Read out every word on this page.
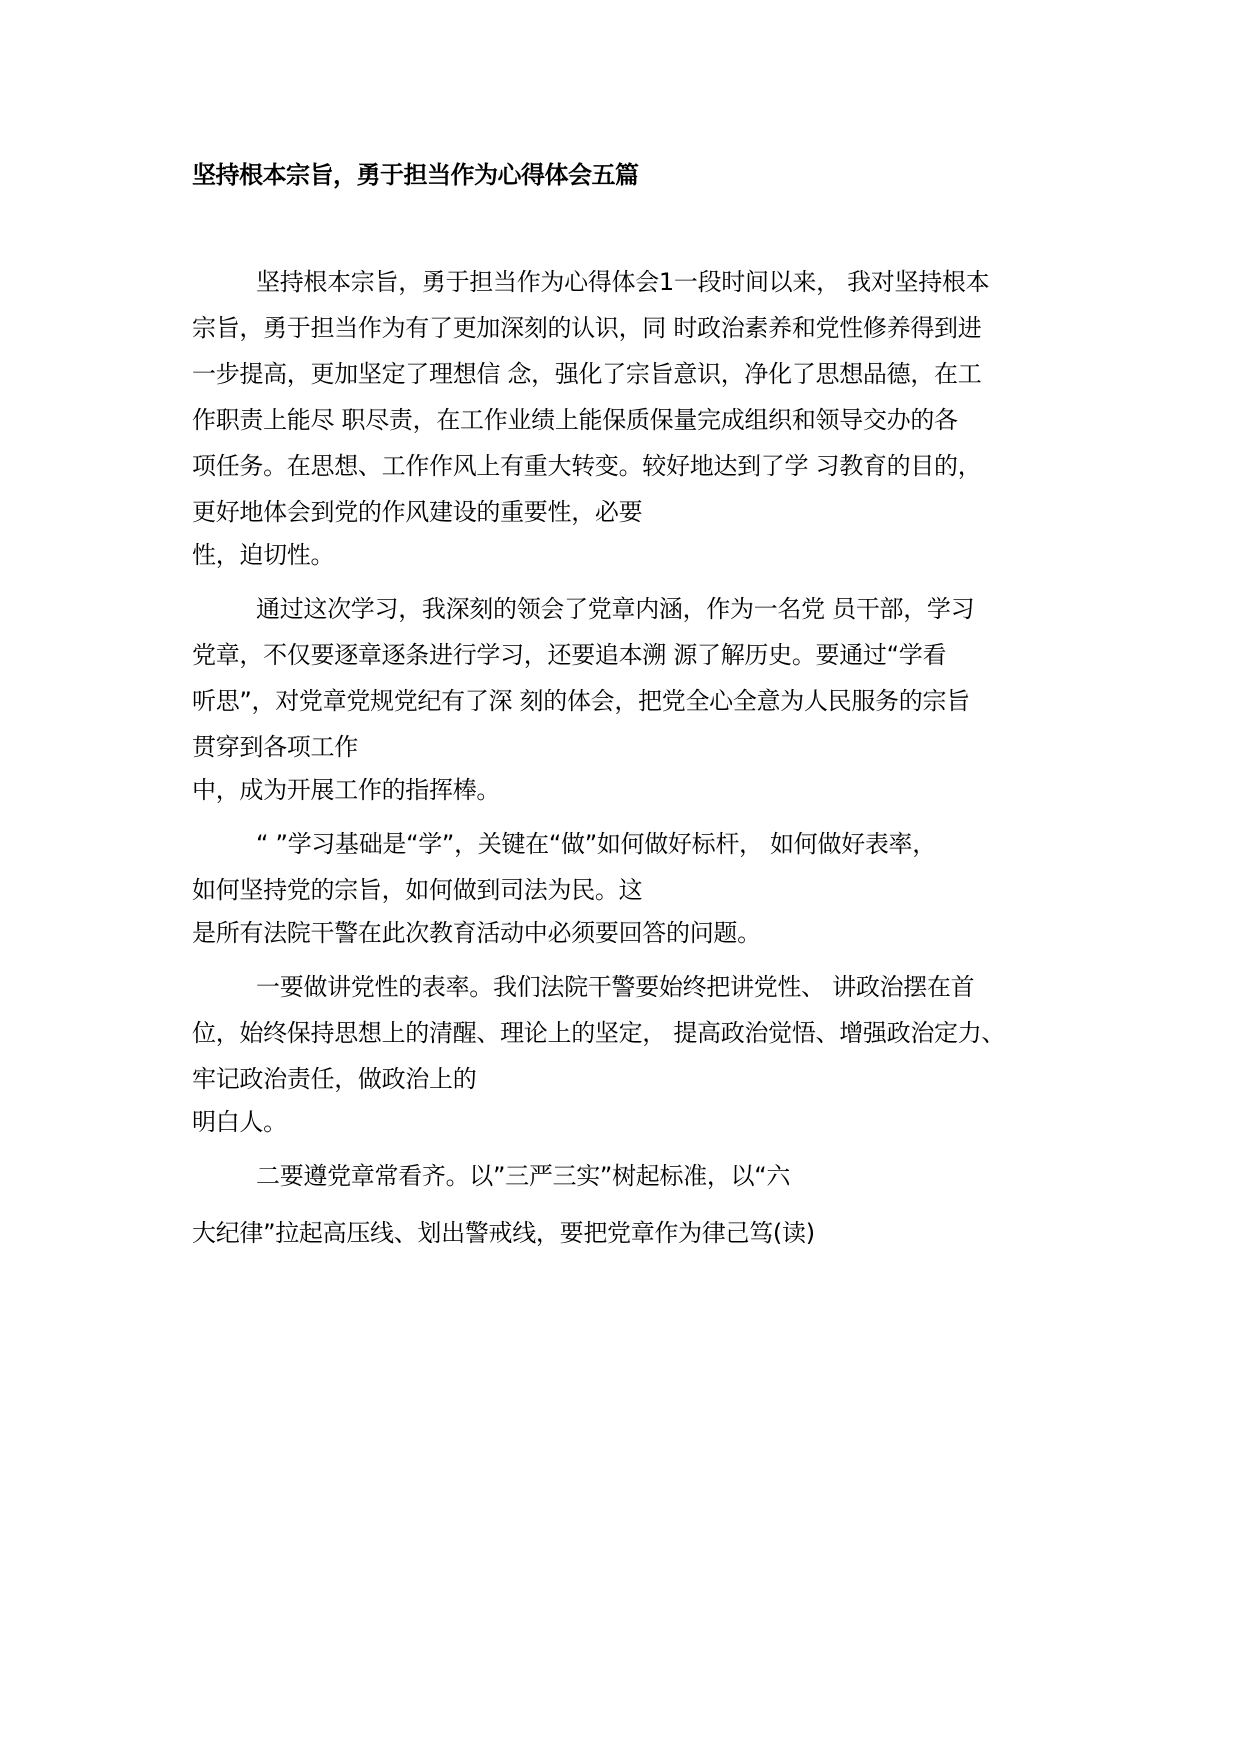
坚持根本宗旨，勇于担当作为心得体会五篇
坚持根本宗旨，勇于担当作为心得体会1一段时间以来， 我对坚持根本
宗旨，勇于担当作为有了更加深刻的认识，同 时政治素养和党性修养得到进
一步提高，更加坚定了理想信 念，强化了宗旨意识，净化了思想品德，在工
作职责上能尽 职尽责，在工作业绩上能保质保量完成组织和领导交办的各
项任务。在思想、工作作风上有重大转变。较好地达到了学 习教育的目的，
更好地体会到党的作风建设的重要性，必要
性，迫切性。
通过这次学习，我深刻的领会了党章内涵，作为一名党 员干部，学习
党章，不仅要逐章逐条进行学习，还要追本溯 源了解历史。要通过“学看
听思”，对党章党规党纪有了深 刻的体会，把党全心全意为人民服务的宗旨
贯穿到各项工作
中，成为开展工作的指挥棒。
“ ”学习基础是“学”，关键在“做”如何做好标杆， 如何做好表率，
如何坚持党的宗旨，如何做到司法为民。这
是所有法院干警在此次教育活动中必须要回答的问题。
一要做讲党性的表率。我们法院干警要始终把讲党性、 讲政治摆在首
位，始终保持思想上的清醒、理论上的坚定， 提高政治觉悟、增强政治定力、
牢记政治责任，做政治上的
明白人。
二要遵党章常看齐。以”三严三实”树起标准，以“六
大纪律”拉起高压线、划出警戒线，要把党章作为律己笃(读)
